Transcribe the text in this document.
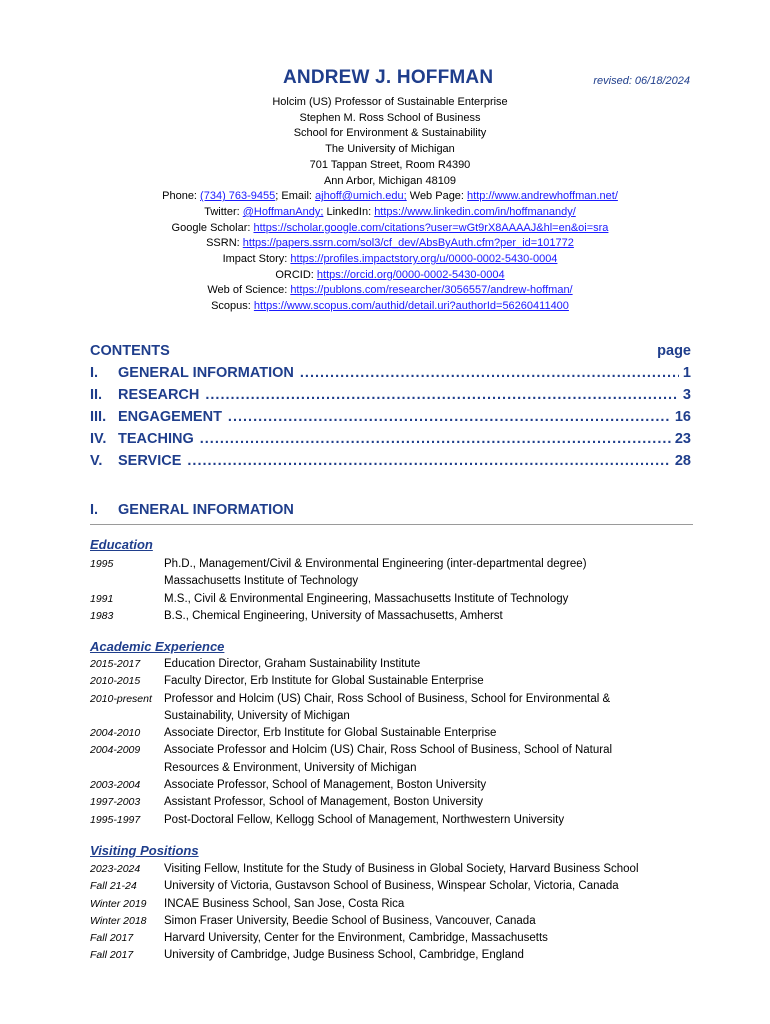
ANDREW J. HOFFMAN	revised: 06/18/2024
Holcim (US) Professor of Sustainable Enterprise
Stephen M. Ross School of Business
School for Environment & Sustainability
The University of Michigan
701 Tappan Street, Room R4390
Ann Arbor, Michigan 48109
Phone: (734) 763-9455; Email: ajhoff@umich.edu; Web Page: http://www.andrewhoffman.net/
Twitter: @HoffmanAndy; LinkedIn: https://www.linkedin.com/in/hoffmanandy/
Google Scholar: https://scholar.google.com/citations?user=wGt9rX8AAAAJ&hl=en&oi=sra
SSRN: https://papers.ssrn.com/sol3/cf_dev/AbsByAuth.cfm?per_id=101772
Impact Story: https://profiles.impactstory.org/u/0000-0002-5430-0004
ORCID: https://orcid.org/0000-0002-5430-0004
Web of Science: https://publons.com/researcher/3056557/andrew-hoffman/
Scopus: https://www.scopus.com/authid/detail.uri?authorId=56260411400
CONTENTS	page
I.	GENERAL INFORMATION .....	1
II.	RESEARCH .....	3
III. ENGAGEMENT .....	16
IV. TEACHING .....	23
V.	SERVICE .....	28
I. GENERAL INFORMATION
Education
1995	Ph.D., Management/Civil & Environmental Engineering (inter-departmental degree)
Massachusetts Institute of Technology
1991	M.S., Civil & Environmental Engineering, Massachusetts Institute of Technology
1983	B.S., Chemical Engineering, University of Massachusetts, Amherst
Academic Experience
2015-2017	Education Director, Graham Sustainability Institute
2010-2015	Faculty Director, Erb Institute for Global Sustainable Enterprise
2010-present	Professor and Holcim (US) Chair, Ross School of Business, School for Environmental &
Sustainability, University of Michigan
2004-2010	Associate Director, Erb Institute for Global Sustainable Enterprise
2004-2009	Associate Professor and Holcim (US) Chair, Ross School of Business, School of Natural
Resources & Environment, University of Michigan
2003-2004	Associate Professor, School of Management, Boston University
1997-2003	Assistant Professor, School of Management, Boston University
1995-1997	Post-Doctoral Fellow, Kellogg School of Management, Northwestern University
Visiting Positions
2023-2024	Visiting Fellow, Institute for the Study of Business in Global Society, Harvard Business School
Fall 21-24	University of Victoria, Gustavson School of Business, Winspear Scholar, Victoria, Canada
Winter 2019	INCAE Business School, San Jose, Costa Rica
Winter 2018	Simon Fraser University, Beedie School of Business, Vancouver, Canada
Fall 2017	Harvard University, Center for the Environment, Cambridge, Massachusetts
Fall 2017	University of Cambridge, Judge Business School, Cambridge, England
